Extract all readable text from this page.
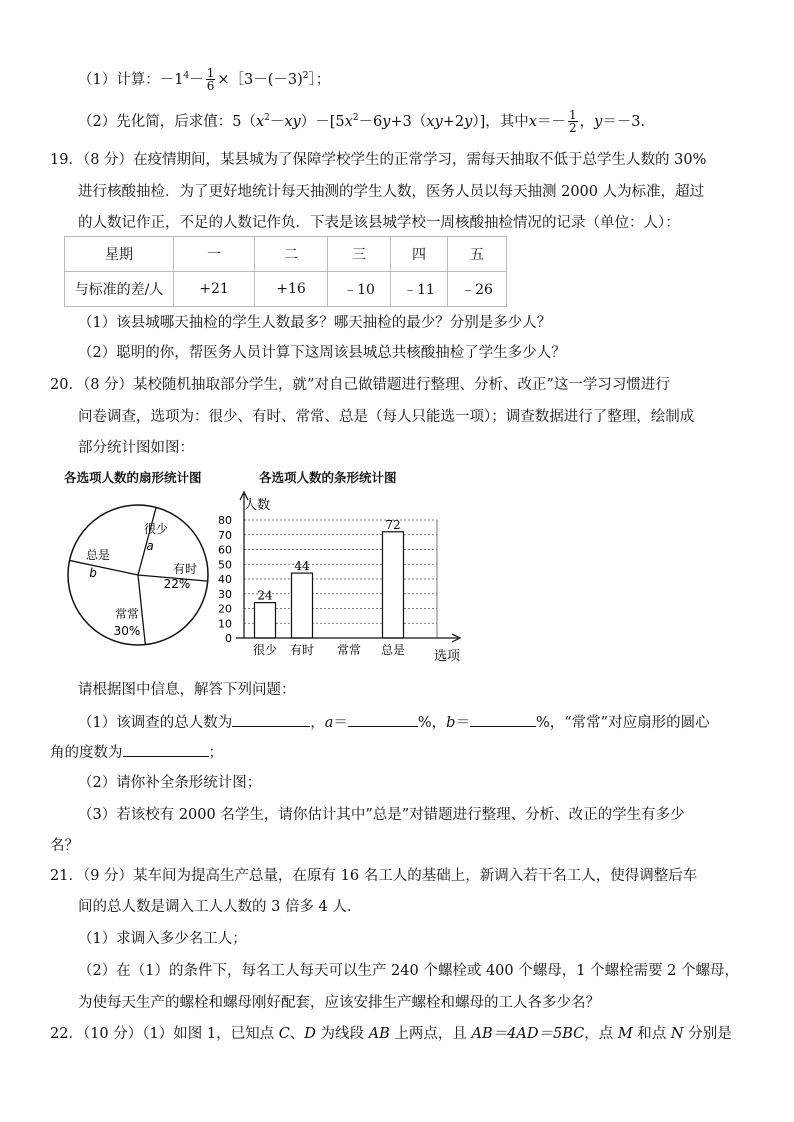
（1）计算：$-1^4- \frac{1}{6}$ $\times[3-(-3)^2]$；
（2）先化简，后求值：$5(x^2-xy)-[5x^2-6y+3(xy+2y)]$，其中$x=- \frac{1}{2}$ ，y＝－3．
19．（8 分）在疫情期间，某县城为了保障学校学生的正常学习，需每天抽取不低于总学生人数的 30%
进行核酸抽检．为了更好地统计每天抽测的学生人数，医务人员以每天抽测 2000 人为标准，超过
的人数记作正，不足的人数记作负．下表是该县城学校一周核酸抽检情况的记录（单位：人）：
星期	一	二	三	四	五
与标准的差/人	+21	+16	﹣10	﹣11	﹣26
（1）该县城哪天抽检的学生人数最多？哪天抽检的最少？分别是多少人？
（2）聪明的你，帮医务人员计算下这周该县城总共核酸抽检了学生多少人？
20．（8 分）某校随机抽取部分学生，就”对自己做错题进行整理、分析、改正”这一学习习惯进行
问卷调查，选项为：很少、有时、常常、总是（每人只能选一项）；调查数据进行了整理，绘制成
部分统计图如图：
各选项人数的扇形统计图	各选项人数的条形统计图
很少
a
有时
22%
常常
30%
总是
b
人数
0
10
20
30
40
50
60
70
80
24
44
72
很少 有时 常常 总是 选项
请根据图中信息，解答下列问题：
（1）该调查的总人数为	，a＝	%，b＝	%，“常常”对应扇形的圆心
角的度数为	；
（2）请你补全条形统计图；
（3）若该校有 2000 名学生，请你估计其中”总是”对错题进行整理、分析、改正的学生有多少
名？
21．（9 分）某车间为提高生产总量，在原有 16 名工人的基础上，新调入若干名工人，使得调整后车
间的总人数是调入工人人数的 3 倍多 4 人．
（1）求调入多少名工人；
（2）在（1）的条件下，每名工人每天可以生产 240 个螺栓或 400 个螺母，1 个螺栓需要 2 个螺母，
为使每天生产的螺栓和螺母刚好配套，应该安排生产螺栓和螺母的工人各多少名？
22．（10 分）（1）如图 1，已知点 C、D 为线段 AB 上两点，且 AB＝4AD＝5BC，点 M 和点 N 分别是
